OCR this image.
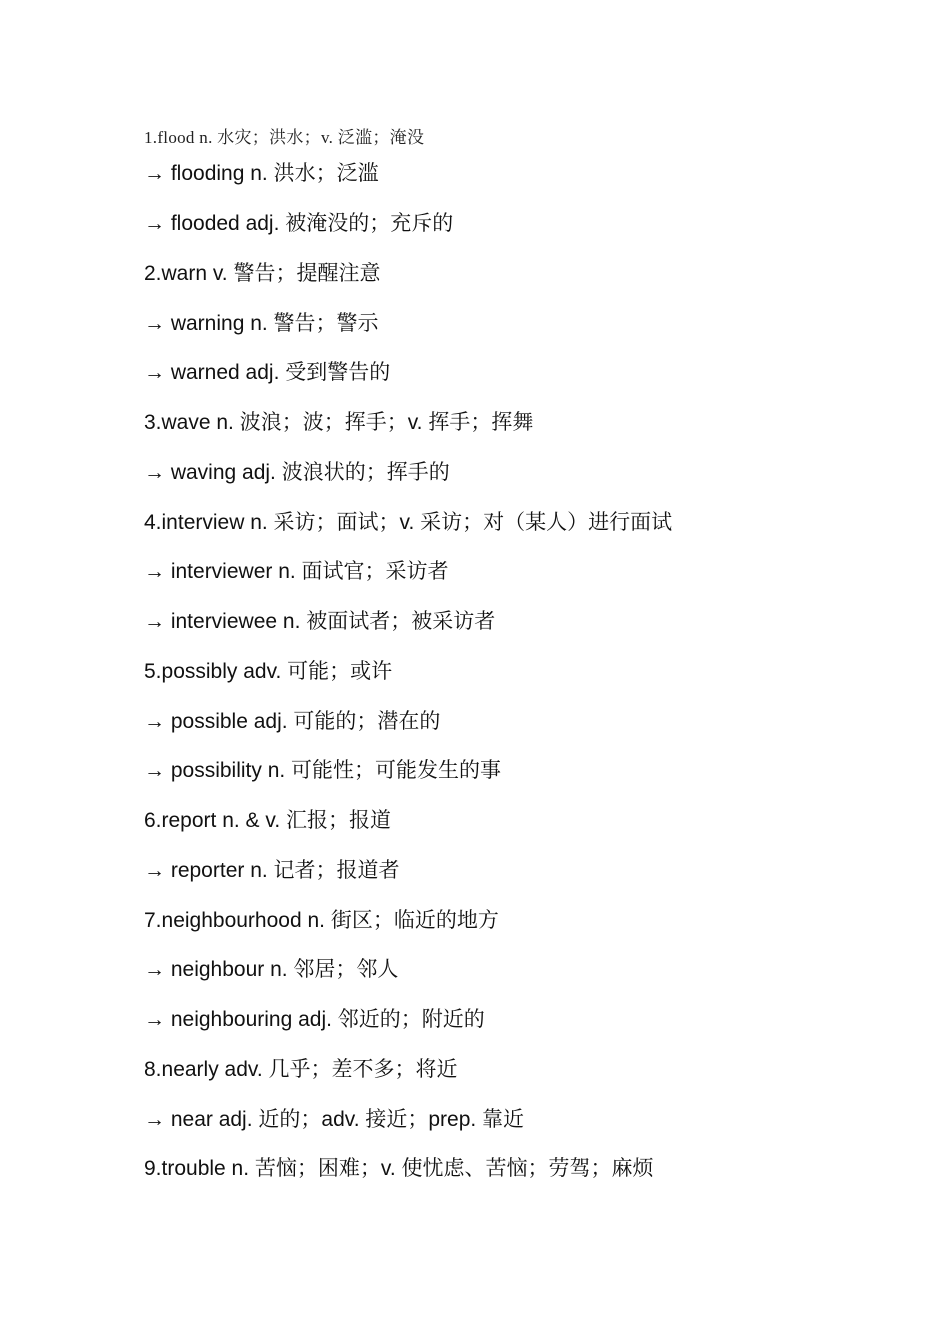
1.flood n. 水灾；洪水；v. 泛滥；淹没
→ flooding n. 洪水；泛滥
→ flooded adj. 被淹没的；充斥的
2.warn v. 警告；提醒注意
→ warning n. 警告；警示
→ warned adj. 受到警告的
3.wave n. 波浪；波；挥手；v. 挥手；挥舞
→ waving adj. 波浪状的；挥手的
4.interview n. 采访；面试；v. 采访；对（某人）进行面试
→ interviewer n. 面试官；采访者
→ interviewee n. 被面试者；被采访者
5.possibly adv. 可能；或许
→ possible adj. 可能的；潜在的
→ possibility n. 可能性；可能发生的事
6.report n. & v. 汇报；报道
→ reporter n. 记者；报道者
7.neighbourhood n. 街区；临近的地方
→ neighbour n. 邻居；邻人
→ neighbouring adj. 邻近的；附近的
8.nearly adv. 几乎；差不多；将近
→ near adj. 近的；adv. 接近；prep. 靠近
9.trouble n. 苦恼；困难；v. 使忧虑、苦恼；劳驾；麻烦
